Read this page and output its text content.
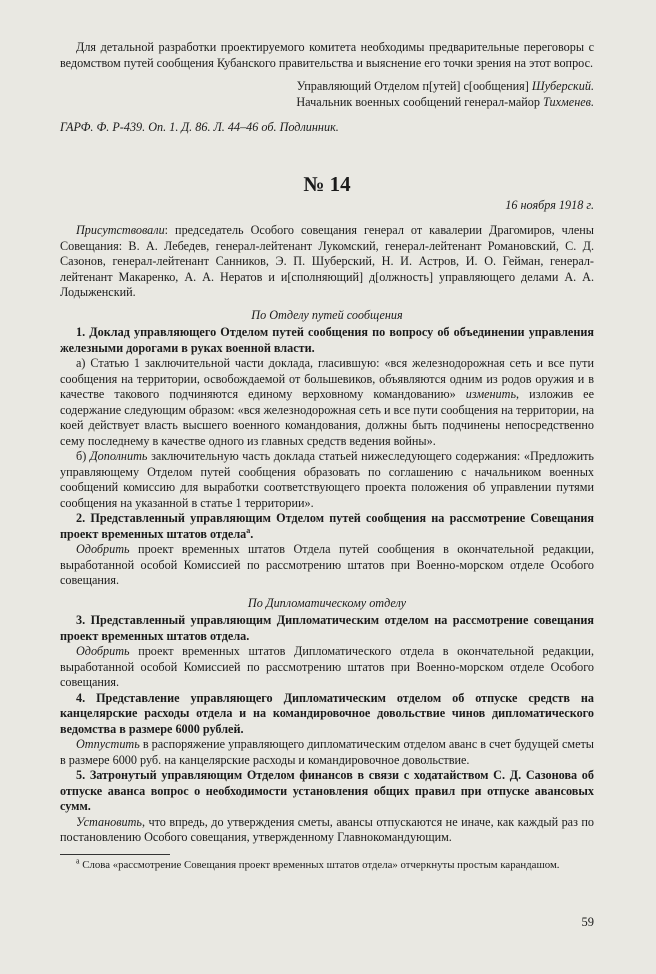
Для детальной разработки проектируемого комитета необходимы предварительные переговоры с ведомством путей сообщения Кубанского правительства и выяснение его точки зрения на этот вопрос.

Управляющий Отделом п[утей] с[ообщения] Шуберский.

Начальник военных сообщений генерал-майор Тихменев.

ГАРФ. Ф. Р-439. Оп. 1. Д. 86. Л. 44–46 об. Подлинник.

№ 14

16 ноября 1918 г.

Присутствовали: председатель Особого совещания генерал от кавалерии Драгомиров, члены Совещания: В. А. Лебедев, генерал-лейтенант Лукомский, генерал-лейтенант Романовский, С. Д. Сазонов, генерал-лейтенант Санников, Э. П. Шуберский, Н. И. Астров, И. О. Гейман, генерал-лейтенант Макаренко, А. А. Нератов и и[сполняющий] д[олжность] управляющего делами А. А. Лодыженский.

По Отделу путей сообщения

1. Доклад управляющего Отделом путей сообщения по вопросу об объединении управления железными дорогами в руках военной власти.

а) Статью 1 заключительной части доклада, гласившую: «вся железнодорожная сеть и все пути сообщения на территории, освобождаемой от большевиков, объявляются одним из родов оружия и в качестве такового подчиняются единому верховному командованию» изменить, изложив ее содержание следующим образом: «вся железнодорожная сеть и все пути сообщения на территории, на коей действует власть высшего военного командования, должны быть подчинены непосредственно сему последнему в качестве одного из главных средств ведения войны».

б) Дополнить заключительную часть доклада статьей нижеследующего содержания: «Предложить управляющему Отделом путей сообщения образовать по соглашению с начальником военных сообщений комиссию для выработки соответствующего проекта положения об управлении путями сообщения на указанной в статье 1 территории».

2. Представленный управляющим Отделом путей сообщения на рассмотрение Совещания проект временных штатов отдела$^а$.

Одобрить проект временных штатов Отдела путей сообщения в окончательной редакции, выработанной особой Комиссией по рассмотрению штатов при Военно-морском отделе Особого совещания.

По Дипломатическому отделу

3. Представленный управляющим Дипломатическим отделом на рассмотрение совещания проект временных штатов отдела.

Одобрить проект временных штатов Дипломатического отдела в окончательной редакции, выработанной особой Комиссией по рассмотрению штатов при Военно-морском отделе Особого совещания.

4. Представление управляющего Дипломатическим отделом об отпуске средств на канцелярские расходы отдела и на командировочное довольствие чинов дипломатического ведомства в размере 6000 рублей.

Отпустить в распоряжение управляющего дипломатическим отделом аванс в счет будущей сметы в размере 6000 руб. на канцелярские расходы и командировочное довольствие.

5. Затронутый управляющим Отделом финансов в связи с ходатайством С. Д. Сазонова об отпуске аванса вопрос о необходимости установления общих правил при отпуске авансовых сумм.

Установить, что впредь, до утверждения сметы, авансы отпускаются не иначе, как каждый раз по постановлению Особого совещания, утвержденному Главнокомандующим.

$^а$ Слова «рассмотрение Совещания проект временных штатов отдела» отчеркнуты простым карандашом.

59
